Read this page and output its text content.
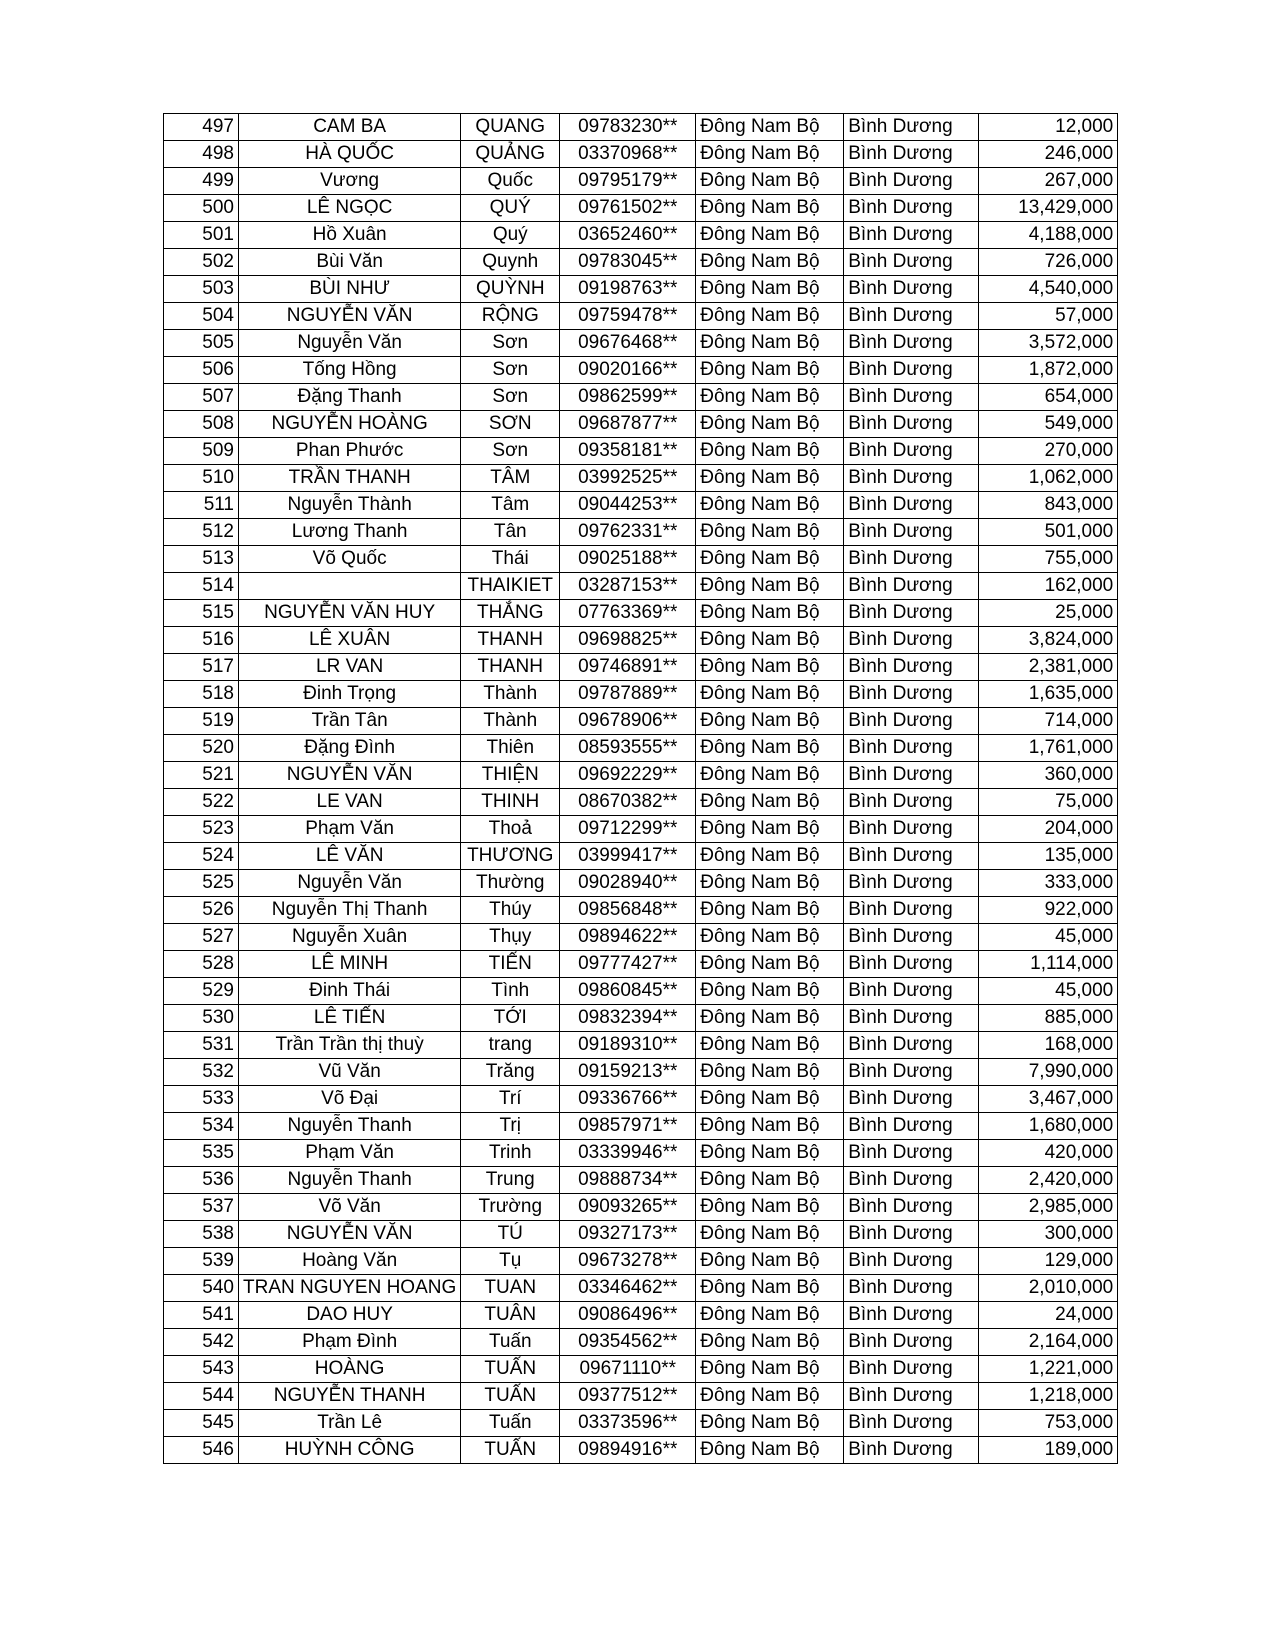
497	CAM BA	QUANG	09783230**	Đông Nam Bộ	Bình Dương	12,000
498	HÀ QUỐC	QUẢNG	03370968**	Đông Nam Bộ	Bình Dương	246,000
499	Vương	Quốc	09795179**	Đông Nam Bộ	Bình Dương	267,000
500	LÊ NGỌC	QUÝ	09761502**	Đông Nam Bộ	Bình Dương	13,429,000
501	Hồ Xuân	Quý	03652460**	Đông Nam Bộ	Bình Dương	4,188,000
502	Bùi Văn	Quynh	09783045**	Đông Nam Bộ	Bình Dương	726,000
503	BÙI NHƯ	QUỲNH	09198763**	Đông Nam Bộ	Bình Dương	4,540,000
504	NGUYỄN VĂN	RỘNG	09759478**	Đông Nam Bộ	Bình Dương	57,000
505	Nguyễn Văn	Sơn	09676468**	Đông Nam Bộ	Bình Dương	3,572,000
506	Tống Hồng	Sơn	09020166**	Đông Nam Bộ	Bình Dương	1,872,000
507	Đặng Thanh	Sơn	09862599**	Đông Nam Bộ	Bình Dương	654,000
508	NGUYỄN HOÀNG	SƠN	09687877**	Đông Nam Bộ	Bình Dương	549,000
509	Phan Phước	Sơn	09358181**	Đông Nam Bộ	Bình Dương	270,000
510	TRẦN THANH	TÂM	03992525**	Đông Nam Bộ	Bình Dương	1,062,000
511	Nguyễn Thành	Tâm	09044253**	Đông Nam Bộ	Bình Dương	843,000
512	Lương Thanh	Tân	09762331**	Đông Nam Bộ	Bình Dương	501,000
513	Võ Quốc	Thái	09025188**	Đông Nam Bộ	Bình Dương	755,000
514		THAIKIET	03287153**	Đông Nam Bộ	Bình Dương	162,000
515	NGUYỄN VĂN HUY	THẮNG	07763369**	Đông Nam Bộ	Bình Dương	25,000
516	LÊ XUÂN	THANH	09698825**	Đông Nam Bộ	Bình Dương	3,824,000
517	LR VAN	THANH	09746891**	Đông Nam Bộ	Bình Dương	2,381,000
518	Đinh Trọng	Thành	09787889**	Đông Nam Bộ	Bình Dương	1,635,000
519	Trần Tân	Thành	09678906**	Đông Nam Bộ	Bình Dương	714,000
520	Đặng Đình	Thiên	08593555**	Đông Nam Bộ	Bình Dương	1,761,000
521	NGUYỄN VĂN	THIỆN	09692229**	Đông Nam Bộ	Bình Dương	360,000
522	LE VAN	THINH	08670382**	Đông Nam Bộ	Bình Dương	75,000
523	Phạm Văn	Thoả	09712299**	Đông Nam Bộ	Bình Dương	204,000
524	LÊ VĂN	THƯƠNG	03999417**	Đông Nam Bộ	Bình Dương	135,000
525	Nguyễn Văn	Thường	09028940**	Đông Nam Bộ	Bình Dương	333,000
526	Nguyễn Thị Thanh	Thúy	09856848**	Đông Nam Bộ	Bình Dương	922,000
527	Nguyễn Xuân	Thụy	09894622**	Đông Nam Bộ	Bình Dương	45,000
528	LÊ MINH	TIẾN	09777427**	Đông Nam Bộ	Bình Dương	1,114,000
529	Đinh Thái	Tình	09860845**	Đông Nam Bộ	Bình Dương	45,000
530	LÊ TIẾN	TỚI	09832394**	Đông Nam Bộ	Bình Dương	885,000
531	Trần Trần thị thuỳ	trang	09189310**	Đông Nam Bộ	Bình Dương	168,000
532	Vũ Văn	Trăng	09159213**	Đông Nam Bộ	Bình Dương	7,990,000
533	Võ Đại	Trí	09336766**	Đông Nam Bộ	Bình Dương	3,467,000
534	Nguyễn Thanh	Trị	09857971**	Đông Nam Bộ	Bình Dương	1,680,000
535	Phạm Văn	Trinh	03339946**	Đông Nam Bộ	Bình Dương	420,000
536	Nguyễn Thanh	Trung	09888734**	Đông Nam Bộ	Bình Dương	2,420,000
537	Võ Văn	Trường	09093265**	Đông Nam Bộ	Bình Dương	2,985,000
538	NGUYỄN VĂN	TÚ	09327173**	Đông Nam Bộ	Bình Dương	300,000
539	Hoàng Văn	Tụ	09673278**	Đông Nam Bộ	Bình Dương	129,000
540	TRAN NGUYEN HOANG	TUAN	03346462**	Đông Nam Bộ	Bình Dương	2,010,000
541	DAO HUY	TUÂN	09086496**	Đông Nam Bộ	Bình Dương	24,000
542	Phạm Đình	Tuấn	09354562**	Đông Nam Bộ	Bình Dương	2,164,000
543	HOÀNG	TUẤN	09671110**	Đông Nam Bộ	Bình Dương	1,221,000
544	NGUYỄN THANH	TUẤN	09377512**	Đông Nam Bộ	Bình Dương	1,218,000
545	Trần Lê	Tuấn	03373596**	Đông Nam Bộ	Bình Dương	753,000
546	HUỲNH CÔNG	TUẤN	09894916**	Đông Nam Bộ	Bình Dương	189,000
